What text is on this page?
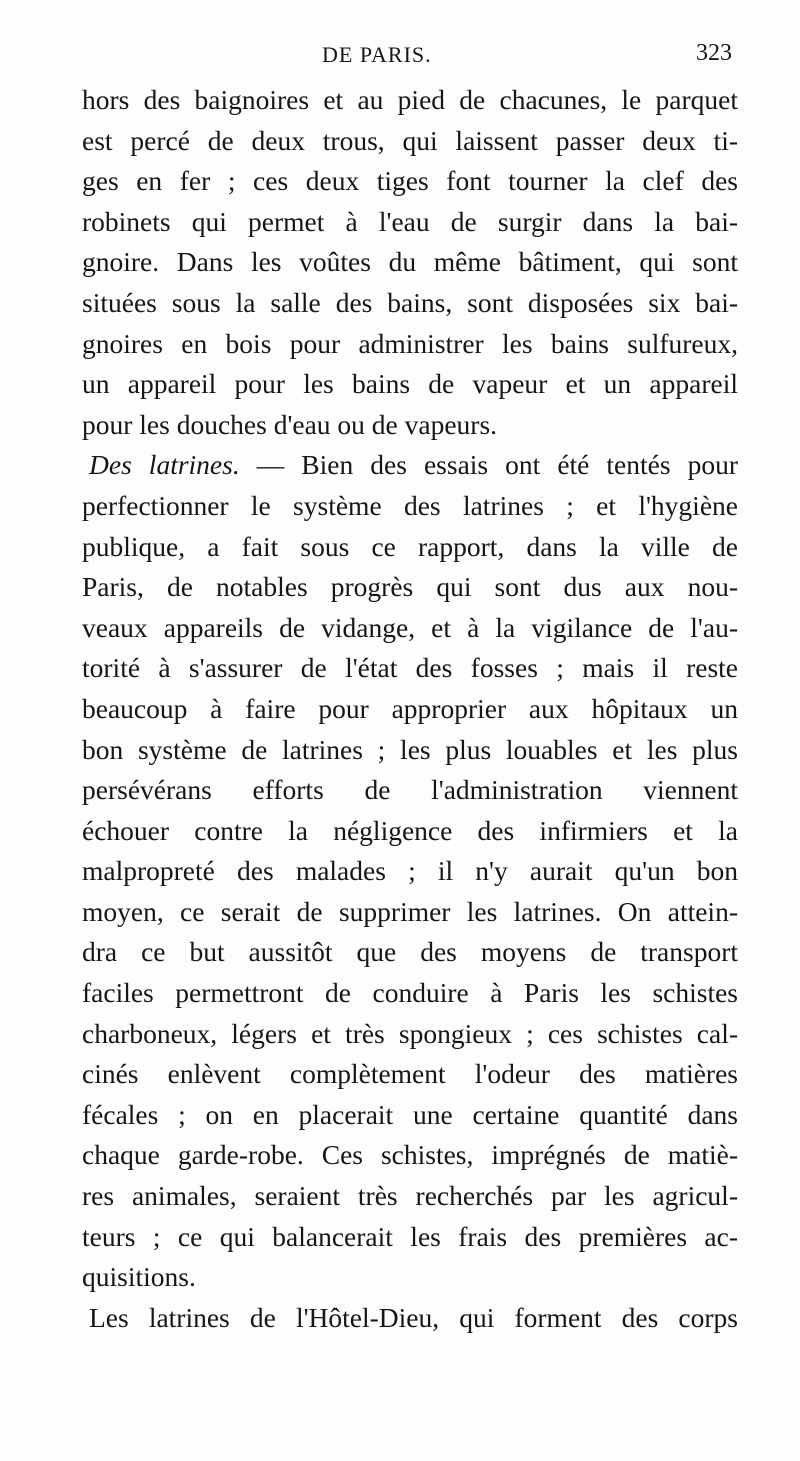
DE PARIS.	323
hors des baignoires et au pied de chacunes, le parquet
est percé de deux trous, qui laissent passer deux ti-
ges en fer ; ces deux tiges font tourner la clef des
robinets qui permet à l'eau de surgir dans la bai-
gnoire. Dans les voûtes du même bâtiment, qui sont
situées sous la salle des bains, sont disposées six bai-
gnoires en bois pour administrer les bains sulfureux,
un appareil pour les bains de vapeur et un appareil
pour les douches d'eau ou de vapeurs.
Des latrines. — Bien des essais ont été tentés pour
perfectionner le système des latrines ; et l'hygiène
publique, a fait sous ce rapport, dans la ville de
Paris, de notables progrès qui sont dus aux nou-
veaux appareils de vidange, et à la vigilance de l'au-
torité à s'assurer de l'état des fosses ; mais il reste
beaucoup à faire pour approprier aux hôpitaux un
bon système de latrines ; les plus louables et les plus
persévérans efforts de l'administration viennent
échouer contre la négligence des infirmiers et la
malpropreté des malades ; il n'y aurait qu'un bon
moyen, ce serait de supprimer les latrines. On attein-
dra ce but aussitôt que des moyens de transport
faciles permettront de conduire à Paris les schistes
charboneux, légers et très spongieux ; ces schistes cal-
cinés enlèvent complètement l'odeur des matières
fécales ; on en placerait une certaine quantité dans
chaque garde-robe. Ces schistes, imprégnés de matiè-
res animales, seraient très recherchés par les agricul-
teurs ; ce qui balancerait les frais des premières ac-
quisitions.
Les latrines de l'Hôtel-Dieu, qui forment des corps
